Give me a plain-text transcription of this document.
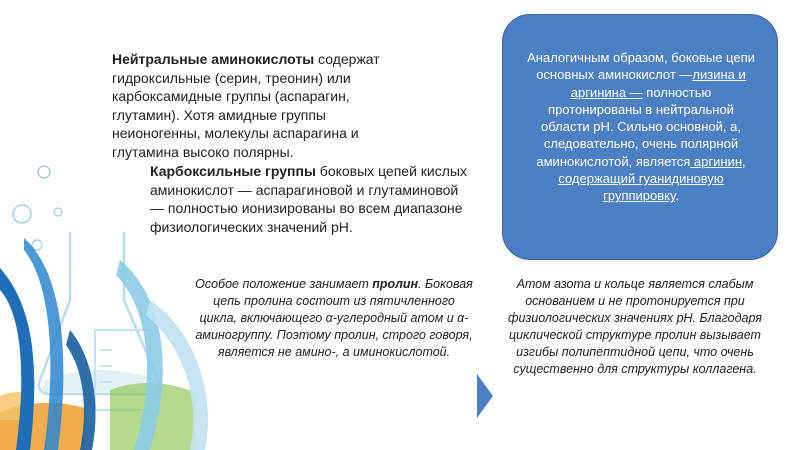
Нейтральные аминокислоты содержат гидроксильные (серин, треонин) или карбоксамидные группы (аспарагин, глутамин). Хотя амидные группы неионогенны, молекулы аспарагина и глутамина высоко полярны.
Карбоксильные группы боковых цепей кислых аминокислот — аспарагиновой и глутаминовой — полностью ионизированы во всем диапазоне физиологических значений рН.
Аналогичным образом, боковые цепи основных аминокислот —лизина и аргинина — полностью протонированы в нейтральной области рН. Сильно основной, а, следовательно, очень полярной аминокислотой, является аргинин, содержащий гуанидиновую группировку.
Особое положение занимает пролин. Боковая цепь пролина состоит из пятичленного цикла, включающего α-углеродный атом и α-аминогруппу. Поэтому пролин, строго говоря, является не амино-, а иминокислотой.
Атом азота и кольце является слабым основанием и не протонируется при физиологических значениях рН. Благодаря циклической структуре пролин вызывает изгибы полипептидной цепи, что очень существенно для структуры коллагена.
